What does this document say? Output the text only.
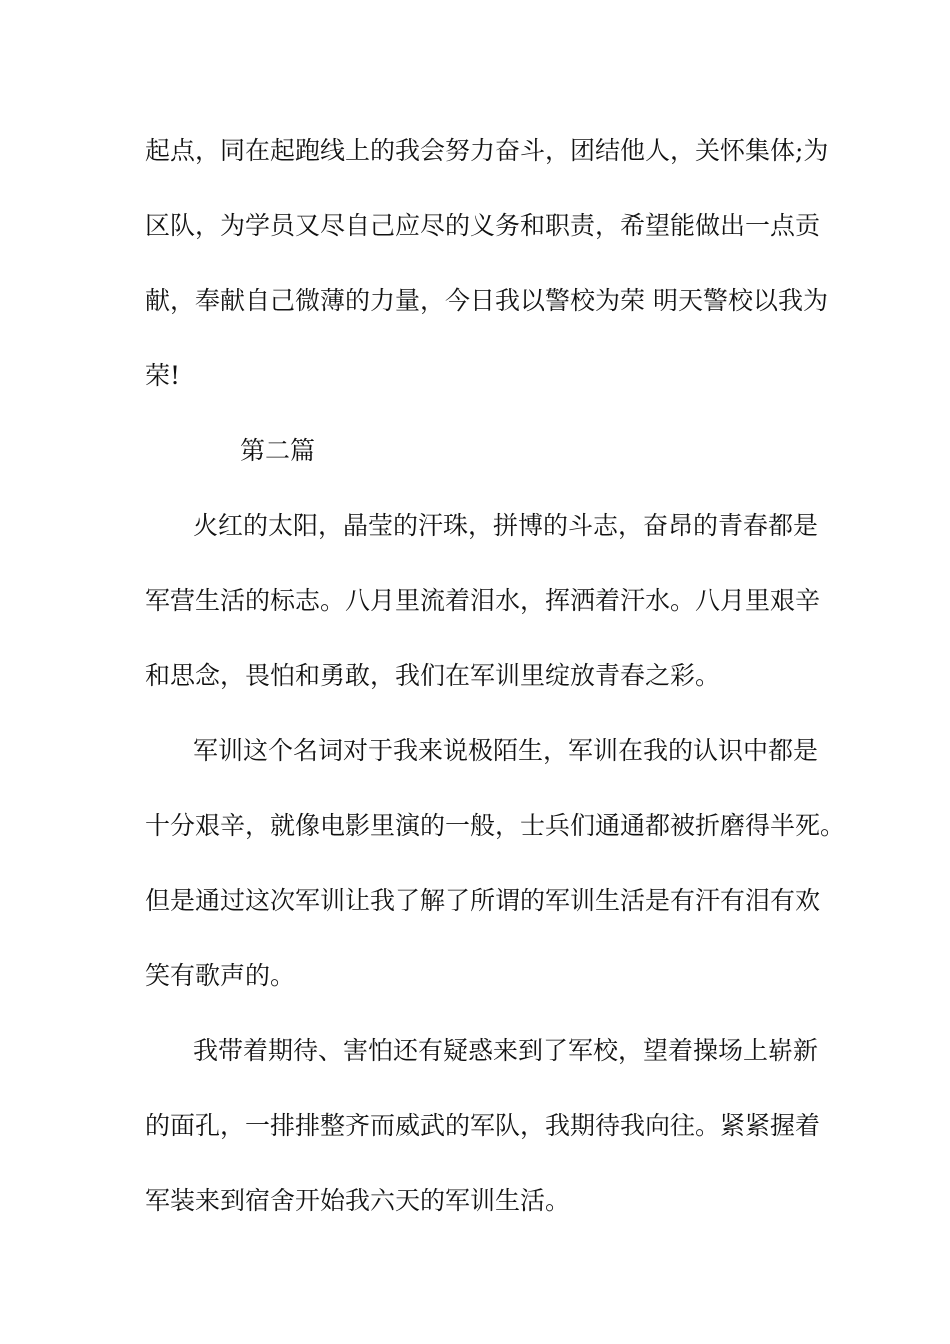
起点，同在起跑线上的我会努力奋斗，团结他人，关怀集体;为
区队，为学员又尽自己应尽的义务和职责，希望能做出一点贡
献，奉献自己微薄的力量，今日我以警校为荣 明天警校以我为
荣!
第二篇
火红的太阳，晶莹的汗珠，拼博的斗志，奋昂的青春都是
军营生活的标志。八月里流着泪水，挥洒着汗水。八月里艰辛
和思念，畏怕和勇敢，我们在军训里绽放青春之彩。
军训这个名词对于我来说极陌生，军训在我的认识中都是
十分艰辛，就像电影里演的一般，士兵们通通都被折磨得半死。
但是通过这次军训让我了解了所谓的军训生活是有汗有泪有欢
笑有歌声的。
我带着期待、害怕还有疑惑来到了军校，望着操场上崭新
的面孔，一排排整齐而威武的军队，我期待我向往。紧紧握着
军装来到宿舍开始我六天的军训生活。
